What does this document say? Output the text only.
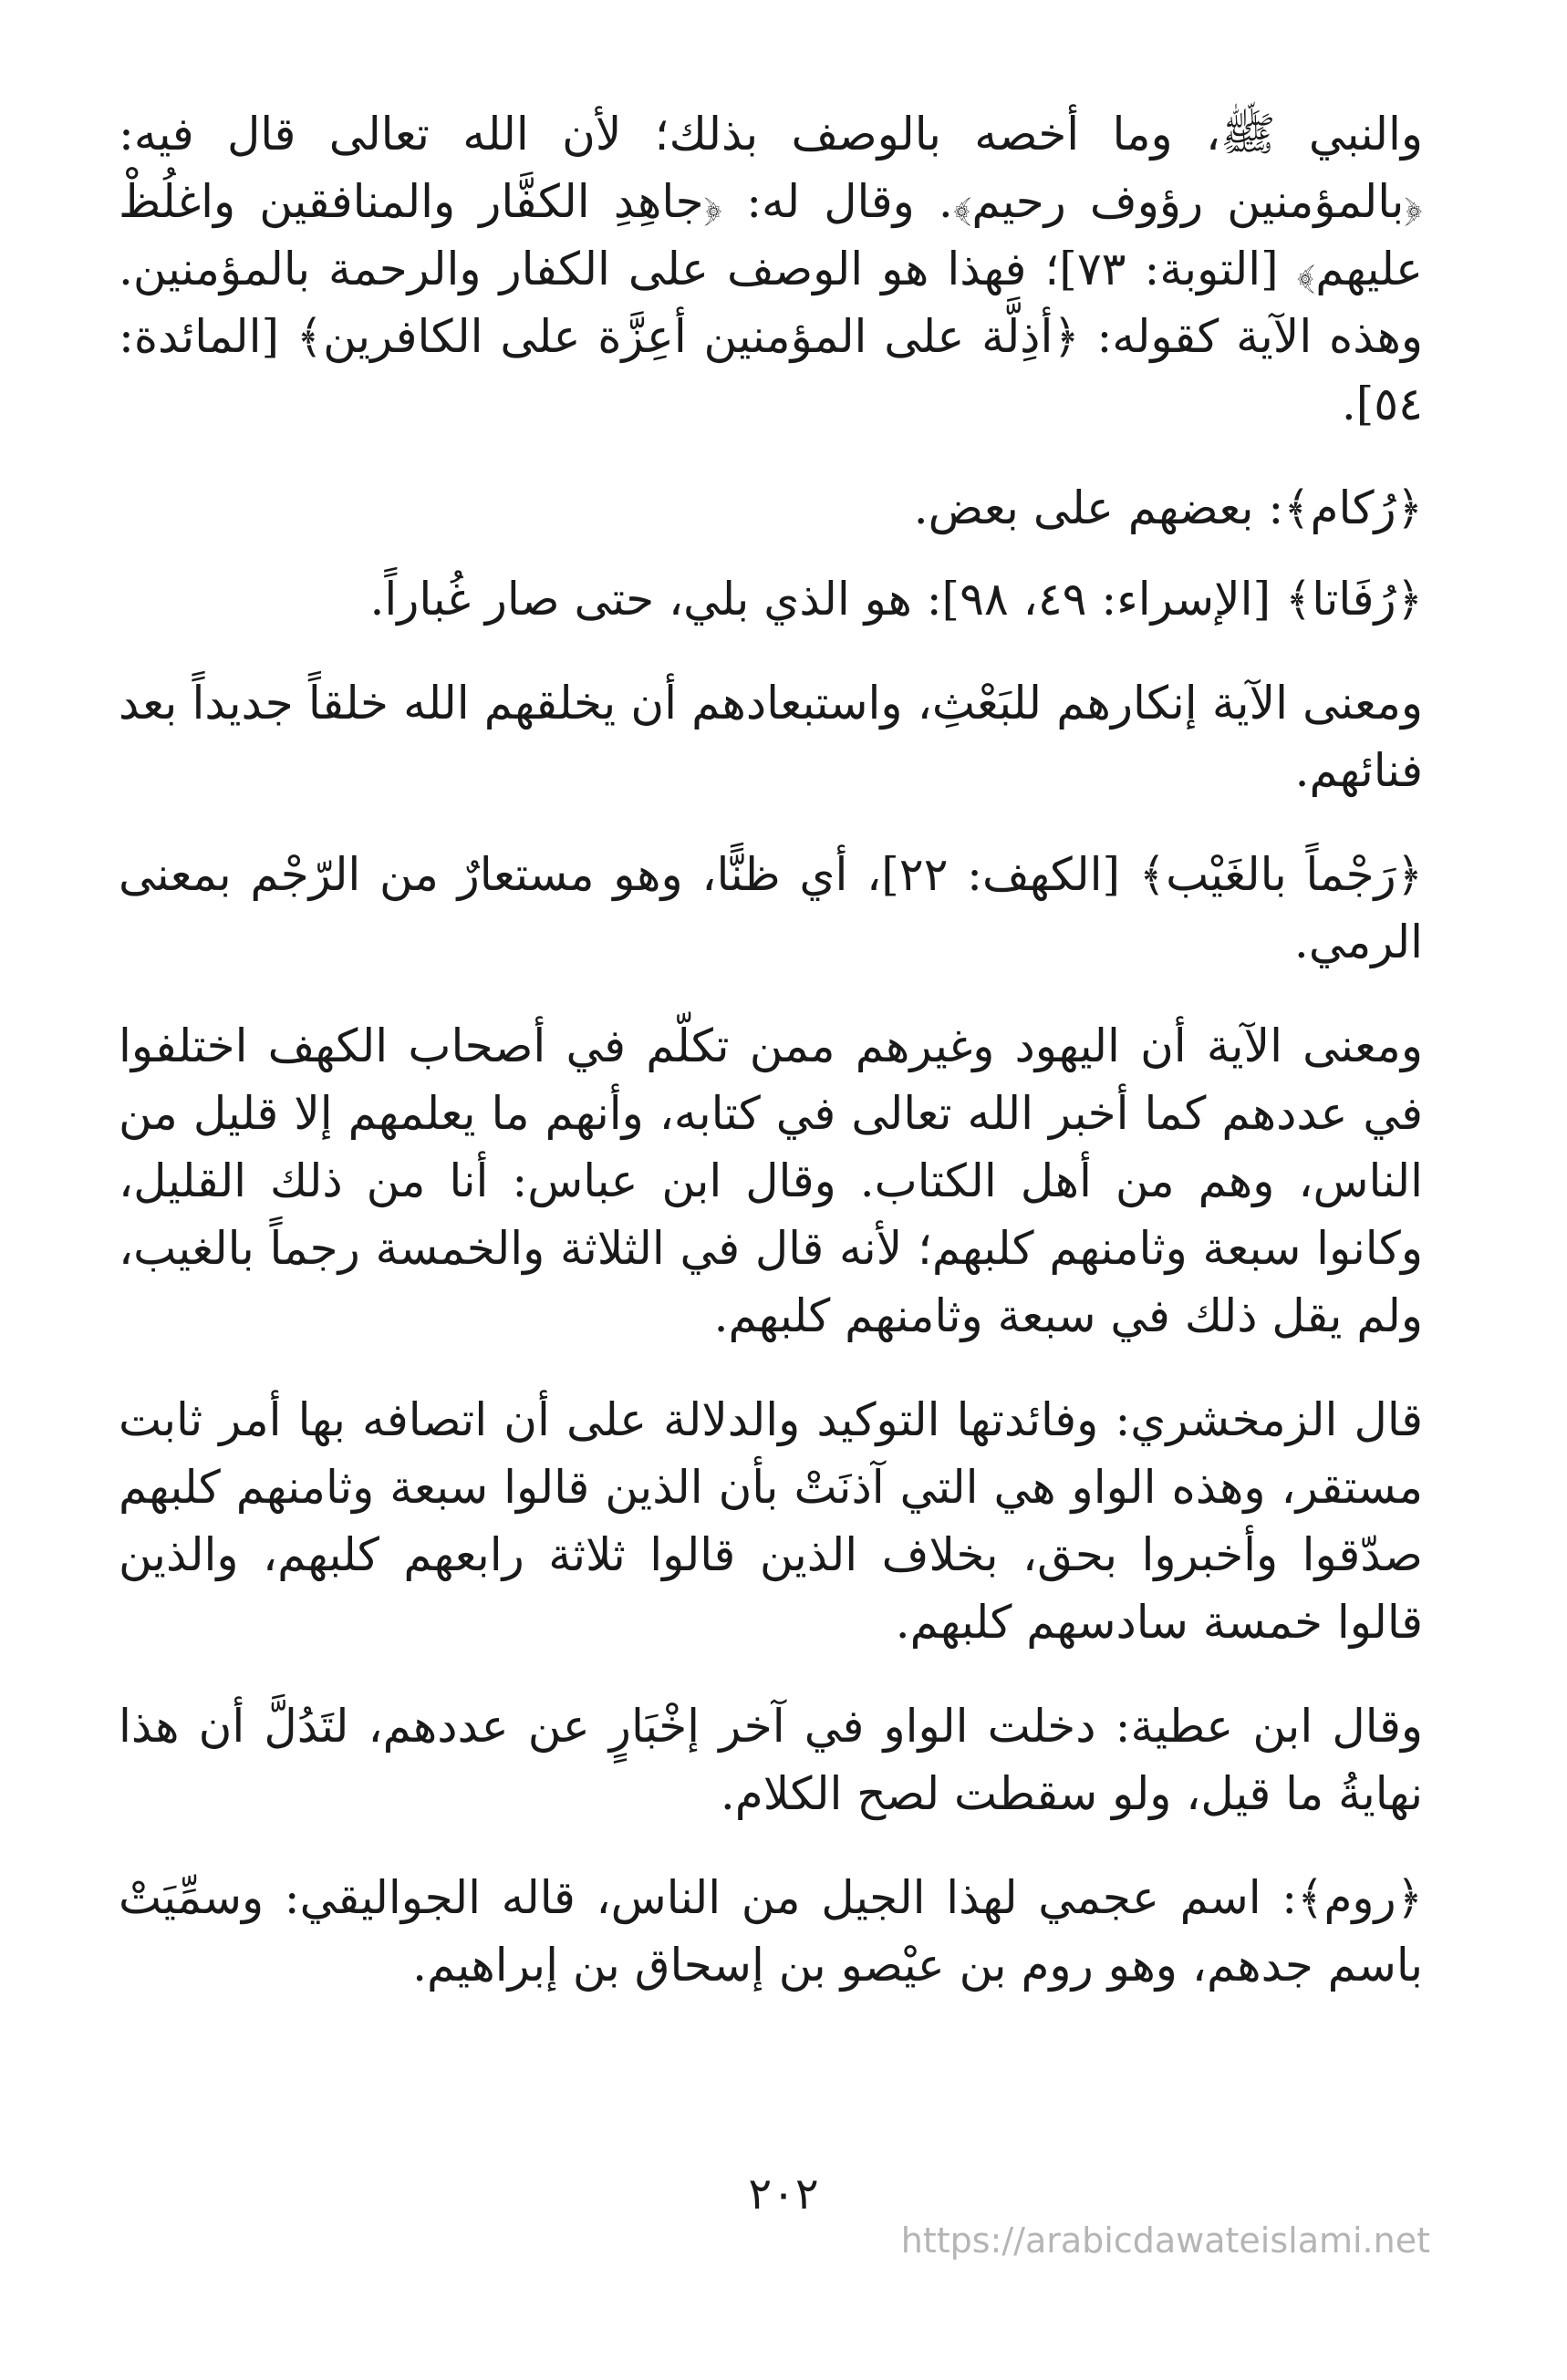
والنبي ﷺ، وما أخصه بالوصف بذلك؛ لأن الله تعالى قال فيه: ﴿بالمؤمنين رؤوف رحيم﴾. وقال له: ﴿جاهِدِ الكفَّار والمنافقين واغلُظْ عليهم﴾ [التوبة: ٧٣]؛ فهذا هو الوصف على الكفار والرحمة بالمؤمنين. وهذه الآية كقوله: ﴿أذِلَّة على المؤمنين أعِزَّة على الكافرين﴾ [المائدة: ٥٤].

﴿رُكام﴾: بعضهم على بعض.

﴿رُفَاتا﴾ [الإسراء: ٤٩، ٩٨]: هو الذي بلي، حتى صار غُباراً.

ومعنى الآية إنكارهم للبَعْثِ، واستبعادهم أن يخلقهم الله خلقاً جديداً بعد فنائهم.

﴿رَجْماً بالغَيْب﴾ [الكهف: ٢٢]، أي ظنًّا، وهو مستعارٌ من الرّجْم بمعنى الرمي.

ومعنى الآية أن اليهود وغيرهم ممن تكلّم في أصحاب الكهف اختلفوا في عددهم كما أخبر الله تعالى في كتابه، وأنهم ما يعلمهم إلا قليل من الناس، وهم من أهل الكتاب. وقال ابن عباس: أنا من ذلك القليل، وكانوا سبعة وثامنهم كلبهم؛ لأنه قال في الثلاثة والخمسة رجماً بالغيب، ولم يقل ذلك في سبعة وثامنهم كلبهم.

قال الزمخشري: وفائدتها التوكيد والدلالة على أن اتصافه بها أمر ثابت مستقر، وهذه الواو هي التي آذنَتْ بأن الذين قالوا سبعة وثامنهم كلبهم صدّقوا وأخبروا بحق، بخلاف الذين قالوا ثلاثة رابعهم كلبهم، والذين قالوا خمسة سادسهم كلبهم.

وقال ابن عطية: دخلت الواو في آخر إخْبَارٍ عن عددهم، لتَدُلَّ أن هذا نهايةُ ما قيل، ولو سقطت لصح الكلام.

﴿روم﴾: اسم عجمي لهذا الجيل من الناس، قاله الجواليقي: وسمِّيَتْ باسم جدهم، وهو روم بن عيْصو بن إسحاق بن إبراهيم.

٢٠٢
https://arabicdawateislami.net
